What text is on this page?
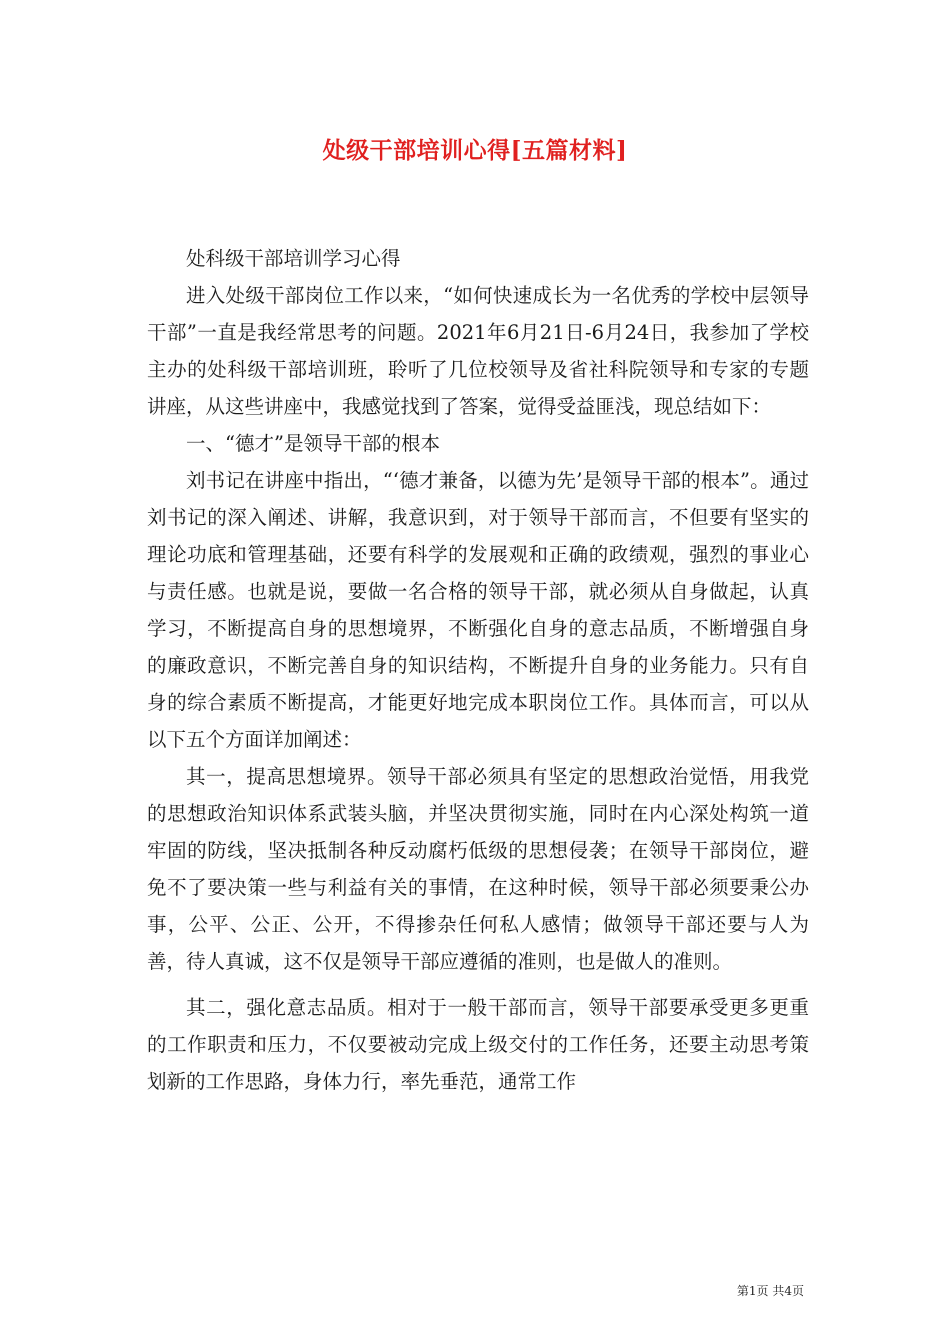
处级干部培训心得[五篇材料]

处科级干部培训学习心得

进入处级干部岗位工作以来，“如何快速成长为一名优秀的学校中层领导干部”一直是我经常思考的问题。2021年6月21日-6月24日，我参加了学校主办的处科级干部培训班，聆听了几位校领导及省社科院领导和专家的专题讲座，从这些讲座中，我感觉找到了答案，觉得受益匪浅，现总结如下：

一、“德才”是领导干部的根本

刘书记在讲座中指出，“‘德才兼备，以德为先’是领导干部的根本”。通过刘书记的深入阐述、讲解，我意识到，对于领导干部而言，不但要有坚实的理论功底和管理基础，还要有科学的发展观和正确的政绩观，强烈的事业心与责任感。也就是说，要做一名合格的领导干部，就必须从自身做起，认真学习，不断提高自身的思想境界，不断强化自身的意志品质，不断增强自身的廉政意识，不断完善自身的知识结构，不断提升自身的业务能力。只有自身的综合素质不断提高，才能更好地完成本职岗位工作。具体而言，可以从以下五个方面详加阐述：

其一，提高思想境界。领导干部必须具有坚定的思想政治觉悟，用我党的思想政治知识体系武装头脑，并坚决贯彻实施，同时在内心深处构筑一道牢固的防线，坚决抵制各种反动腐朽低级的思想侵袭；在领导干部岗位，避免不了要决策一些与利益有关的事情，在这种时候，领导干部必须要秉公办事，公平、公正、公开，不得掺杂任何私人感情；做领导干部还要与人为善，待人真诚，这不仅是领导干部应遵循的准则，也是做人的准则。

其二，强化意志品质。相对于一般干部而言，领导干部要承受更多更重的工作职责和压力，不仅要被动完成上级交付的工作任务，还要主动思考策划新的工作思路，身体力行，率先垂范，通常工作

第1页 共4页
